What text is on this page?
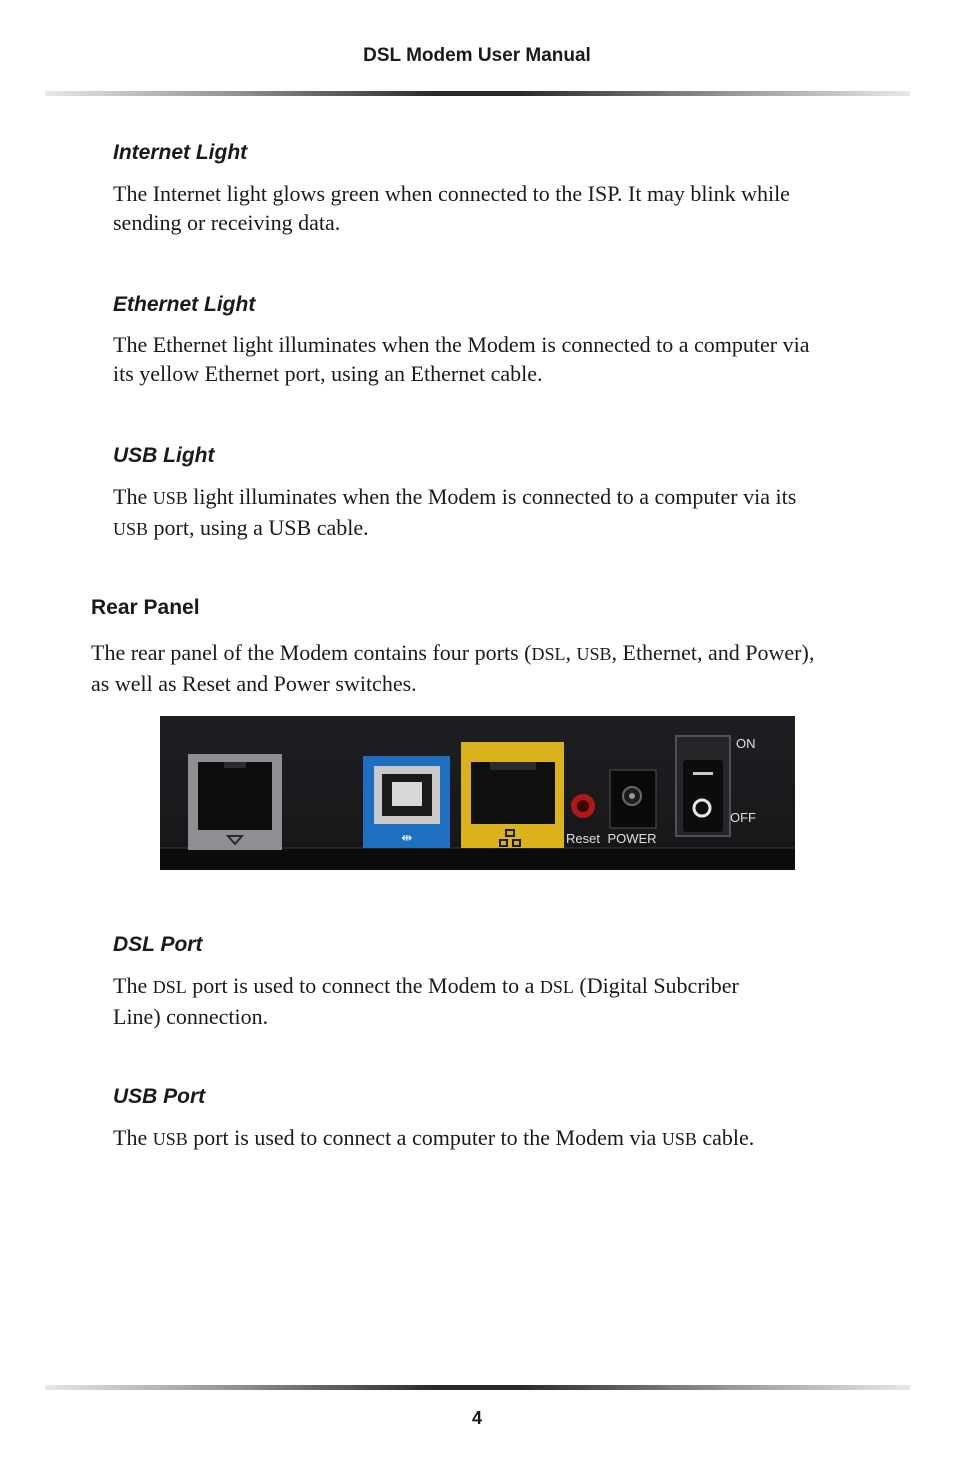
DSL Modem User Manual

Internet Light

The Internet light glows green when connected to the ISP. It may blink while
sending or receiving data.

Ethernet Light

The Ethernet light illuminates when the Modem is connected to a computer via
its yellow Ethernet port, using an Ethernet cable.

USB Light

The USB light illuminates when the Modem is connected to a computer via its
USB port, using a USB cable.

Rear Panel

The rear panel of the Modem contains four ports (DSL, USB, Ethernet, and Power),
as well as Reset and Power switches.

⇹	Reset POWER
ON
OFF
DSL Port

The DSL port is used to connect the Modem to a DSL (Digital Subcriber
Line) connection.

USB Port

The USB port is used to connect a computer to the Modem via USB cable.

4
